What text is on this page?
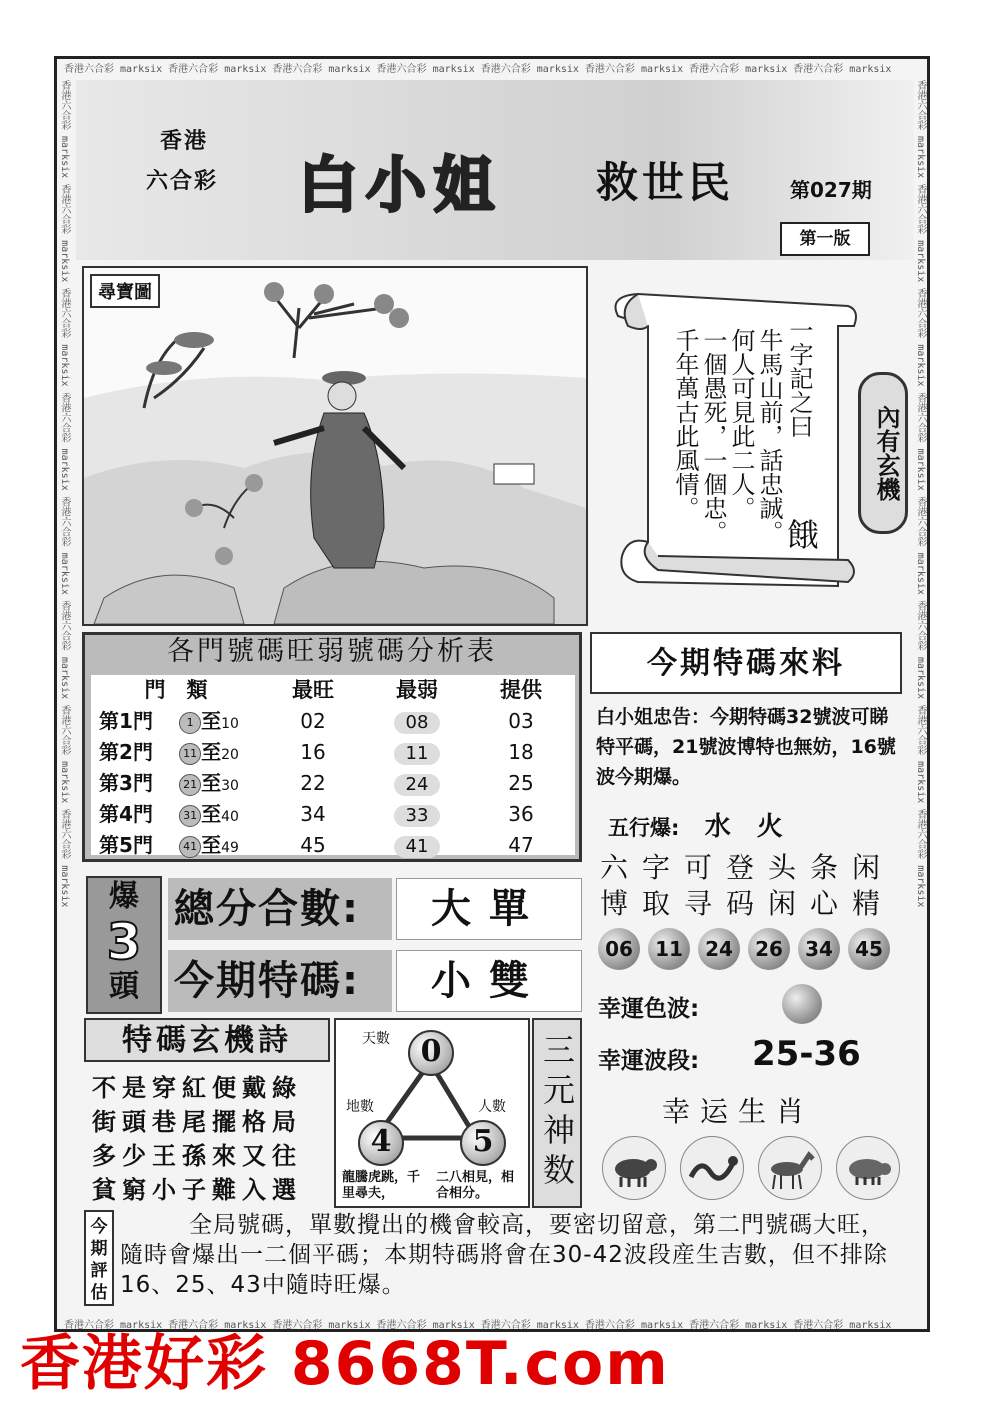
香港六合彩 marksix 香港六合彩 marksix 香港六合彩 marksix 香港六合彩 marksix 香港六合彩 marksix 香港六合彩 marksix 香港六合彩 marksix 香港六合彩 marksix
香港六合彩 marksix 香港六合彩 marksix 香港六合彩 marksix 香港六合彩 marksix 香港六合彩 marksix 香港六合彩 marksix 香港六合彩 marksix 香港六合彩 marksix
香港六合彩 marksix 香港六合彩 marksix 香港六合彩 marksix 香港六合彩 marksix 香港六合彩 marksix 香港六合彩 marksix 香港六合彩 marksix 香港六合彩 marksix	香港六合彩 marksix 香港六合彩 marksix 香港六合彩 marksix 香港六合彩 marksix 香港六合彩 marksix 香港六合彩 marksix 香港六合彩 marksix 香港六合彩 marksix
香港
六合彩 白小姐 救世民	第027期
第一版
尋寶圖
一字記之曰
牛馬山前，話忠誠。
何人可見此二人。
一個愚死，一個忠。
千年萬古此風情。
餓
內有玄機
各門號碼旺弱號碼分析表
門　類	最旺	最弱	提供
第1門	1 至10	02	08	03
第2門	11 至20	16	11	18
第3門	21 至30	22	24	25
第4門	31 至40	34	33	36
第5門	41 至49	45	41	47
今期特碼來料
白小姐忠告：今期特碼32號波可睇特平碼，21號波博特也無妨，16號波今期爆。
五行爆: 水　火
六字可登头条闲
博取寻码闲心精
06	11	24	26	34	45
幸運色波:
幸運波段: 25-36
幸运生肖
爆
3
頭
總分合數:	大單
今期特碼:	小雙
特碼玄機詩
不是穿紅便戴綠
街頭巷尾擺格局
多少王孫來又往
貧窮小子難入選
天數	0
地數
4
人數
5
龍騰虎跳，千里尋夫，
二八相見，相合相分。
三元神数
今期評估
全局號碼，單數攪出的機會較高，要密切留意，第二門號碼大旺，隨時會爆出一二個平碼；本期特碼將會在30-42波段産生吉數，但不排除16、25、43中隨時旺爆。
香港好彩 8668T.com
